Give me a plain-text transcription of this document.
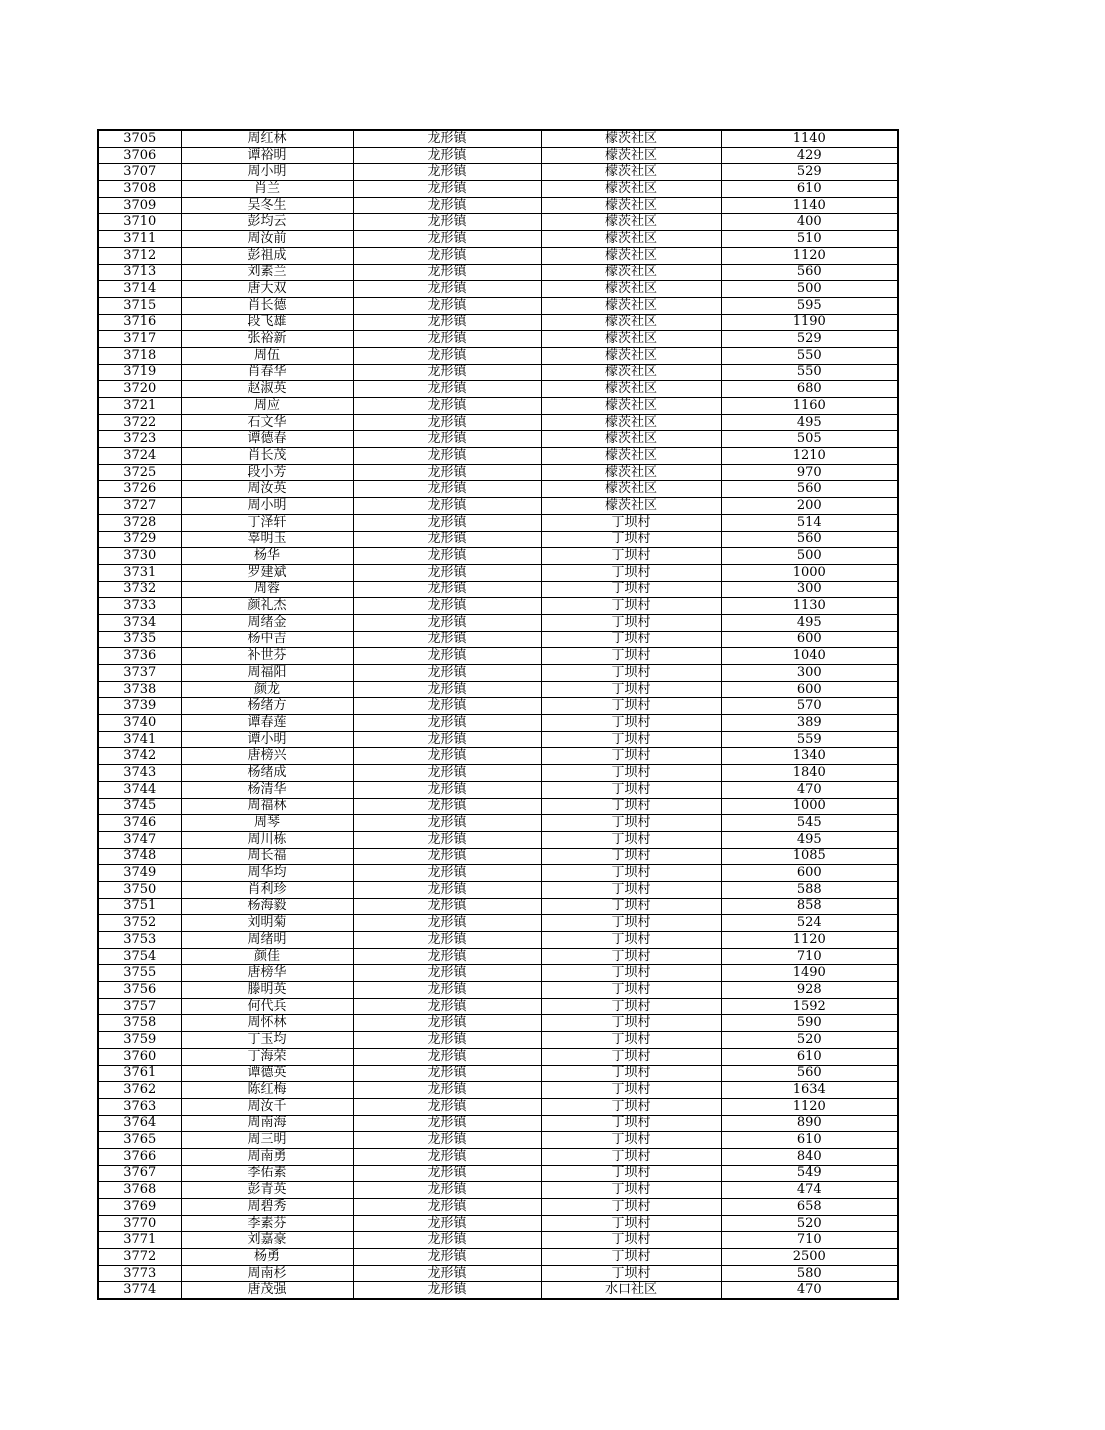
3705	周红林	龙形镇	檬茨社区	1140
3706	谭裕明	龙形镇	檬茨社区	429
3707	周小明	龙形镇	檬茨社区	529
3708	肖兰	龙形镇	檬茨社区	610
3709	吴冬生	龙形镇	檬茨社区	1140
3710	彭均云	龙形镇	檬茨社区	400
3711	周汝前	龙形镇	檬茨社区	510
3712	彭祖成	龙形镇	檬茨社区	1120
3713	刘素兰	龙形镇	檬茨社区	560
3714	唐大双	龙形镇	檬茨社区	500
3715	肖长德	龙形镇	檬茨社区	595
3716	段飞雄	龙形镇	檬茨社区	1190
3717	张裕新	龙形镇	檬茨社区	529
3718	周伍	龙形镇	檬茨社区	550
3719	肖春华	龙形镇	檬茨社区	550
3720	赵淑英	龙形镇	檬茨社区	680
3721	周应	龙形镇	檬茨社区	1160
3722	石文华	龙形镇	檬茨社区	495
3723	谭德春	龙形镇	檬茨社区	505
3724	肖长茂	龙形镇	檬茨社区	1210
3725	段小芳	龙形镇	檬茨社区	970
3726	周汝英	龙形镇	檬茨社区	560
3727	周小明	龙形镇	檬茨社区	200
3728	丁泽轩	龙形镇	丁坝村	514
3729	辜明玉	龙形镇	丁坝村	560
3730	杨华	龙形镇	丁坝村	500
3731	罗建斌	龙形镇	丁坝村	1000
3732	周蓉	龙形镇	丁坝村	300
3733	颜礼杰	龙形镇	丁坝村	1130
3734	周绪金	龙形镇	丁坝村	495
3735	杨中吉	龙形镇	丁坝村	600
3736	补世芬	龙形镇	丁坝村	1040
3737	周福阳	龙形镇	丁坝村	300
3738	颜龙	龙形镇	丁坝村	600
3739	杨绪方	龙形镇	丁坝村	570
3740	谭春莲	龙形镇	丁坝村	389
3741	谭小明	龙形镇	丁坝村	559
3742	唐榜兴	龙形镇	丁坝村	1340
3743	杨绪成	龙形镇	丁坝村	1840
3744	杨清华	龙形镇	丁坝村	470
3745	周福林	龙形镇	丁坝村	1000
3746	周琴	龙形镇	丁坝村	545
3747	周川栋	龙形镇	丁坝村	495
3748	周长福	龙形镇	丁坝村	1085
3749	周华均	龙形镇	丁坝村	600
3750	肖利珍	龙形镇	丁坝村	588
3751	杨海毅	龙形镇	丁坝村	858
3752	刘明菊	龙形镇	丁坝村	524
3753	周绪明	龙形镇	丁坝村	1120
3754	颜佳	龙形镇	丁坝村	710
3755	唐榜华	龙形镇	丁坝村	1490
3756	滕明英	龙形镇	丁坝村	928
3757	何代兵	龙形镇	丁坝村	1592
3758	周怀林	龙形镇	丁坝村	590
3759	丁玉均	龙形镇	丁坝村	520
3760	丁海荣	龙形镇	丁坝村	610
3761	谭德英	龙形镇	丁坝村	560
3762	陈红梅	龙形镇	丁坝村	1634
3763	周汝千	龙形镇	丁坝村	1120
3764	周南海	龙形镇	丁坝村	890
3765	周三明	龙形镇	丁坝村	610
3766	周南勇	龙形镇	丁坝村	840
3767	李佑素	龙形镇	丁坝村	549
3768	彭青英	龙形镇	丁坝村	474
3769	周碧秀	龙形镇	丁坝村	658
3770	李素芬	龙形镇	丁坝村	520
3771	刘嘉豪	龙形镇	丁坝村	710
3772	杨勇	龙形镇	丁坝村	2500
3773	周南杉	龙形镇	丁坝村	580
3774	唐茂强	龙形镇	水口社区	470
